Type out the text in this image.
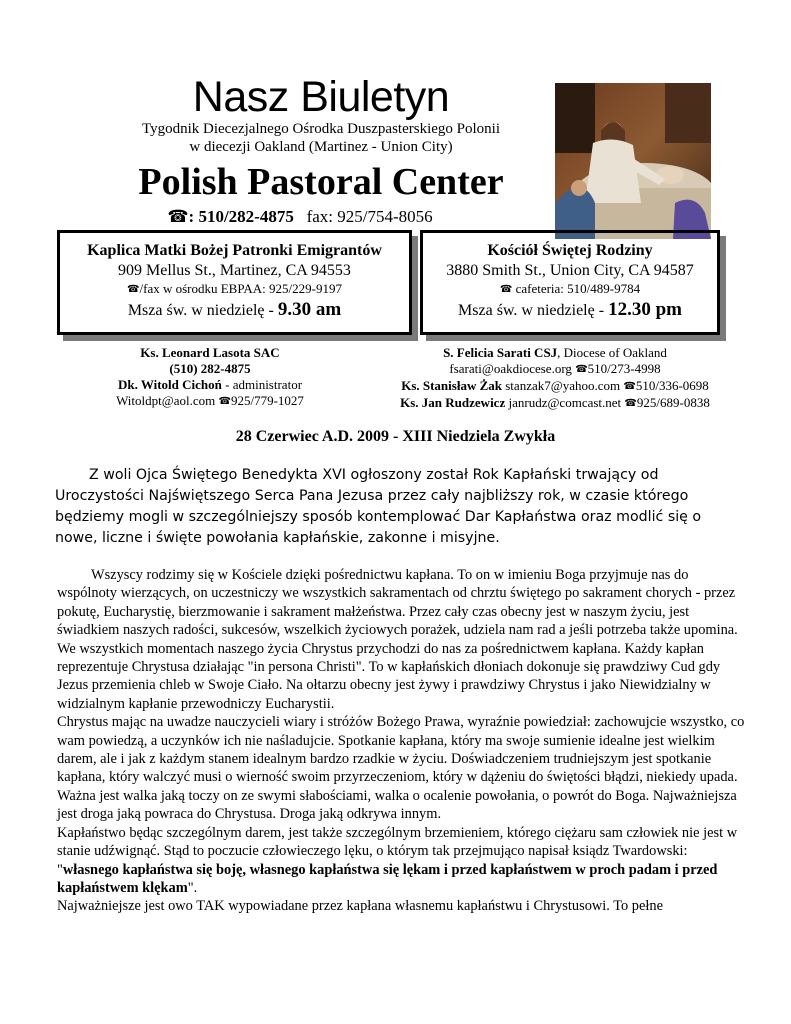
Nasz Biuletyn
Tygodnik Diecezjalnego Ośrodka Duszpasterskiego Polonii
w diecezji Oakland (Martinez - Union City)
Polish Pastoral Center
☎: 510/282-4875 fax: 925/754-8056
Kaplica Matki Bożej Patronki Emigrantów
909 Mellus St., Martinez, CA 94553
☎/fax w ośrodku EBPAA: 925/229-9197
Msza św. w niedzielę - 9.30 am
Kościół Świętej Rodziny
3880 Smith St., Union City, CA 94587
☎ cafeteria: 510/489-9784
Msza św. w niedzielę - 12.30 pm
Ks. Leonard Lasota SAC
(510) 282-4875
Dk. Witold Cichoń - administrator
Witoldpt@aol.com ☎925/779-1027
S. Felicia Sarati CSJ, Diocese of Oakland
fsarati@oakdiocese.org ☎510/273-4998
Ks. Stanisław Żak stanzak7@yahoo.com ☎510/336-0698
Ks. Jan Rudzewicz janrudz@comcast.net ☎925/689-0838
28 Czerwiec A.D. 2009 - XIII Niedziela Zwykła

Z woli Ojca Świętego Benedykta XVI ogłoszony został Rok Kapłański trwający od Uroczystości Najświętszego Serca Pana Jezusa przez cały najbliższy rok, w czasie którego będziemy mogli w szczególniejszy sposób kontemplować Dar Kapłaństwa oraz modlić się o nowe, liczne i święte powołania kapłańskie, zakonne i misyjne.

Wszyscy rodzimy się w Kościele dzięki pośrednictwu kapłana. To on w imieniu Boga przyjmuje nas do wspólnoty wierzących, on uczestniczy we wszystkich sakramentach od chrztu świętego po sakrament chorych - przez pokutę, Eucharystię, bierzmowanie i sakrament małżeństwa. Przez cały czas obecny jest w naszym życiu, jest świadkiem naszych radości, sukcesów, wszelkich życiowych porażek, udziela nam rad a jeśli potrzeba także upomina. We wszystkich momentach naszego życia Chrystus przychodzi do nas za pośrednictwem kapłana. Każdy kapłan reprezentuje Chrystusa działając "in persona Christi". To w kapłańskich dłoniach dokonuje się prawdziwy Cud gdy Jezus przemienia chleb w Swoje Ciało. Na ołtarzu obecny jest żywy i prawdziwy Chrystus i jako Niewidzialny w widzialnym kapłanie przewodniczy Eucharystii.

Chrystus mając na uwadze nauczycieli wiary i stróżów Bożego Prawa, wyraźnie powiedział: zachowujcie wszystko, co wam powiedzą, a uczynków ich nie naśladujcie. Spotkanie kapłana, który ma swoje sumienie idealne jest wielkim darem, ale i jak z każdym stanem idealnym bardzo rzadkie w życiu. Doświadczeniem trudniejszym jest spotkanie kapłana, który walczyć musi o wierność swoim przyrzeczeniom, który w dążeniu do świętości błądzi, niekiedy upada. Ważna jest walka jaką toczy on ze swymi słabościami, walka o ocalenie powołania, o powrót do Boga. Najważniejsza jest droga jaką powraca do Chrystusa. Droga jaką odkrywa innym.

Kapłaństwo będąc szczególnym darem, jest także szczególnym brzemieniem, którego ciężaru sam człowiek nie jest w stanie udźwignąć. Stąd to poczucie człowieczego lęku, o którym tak przejmująco napisał ksiądz Twardowski: "własnego kapłaństwa się boję, własnego kapłaństwa się lękam i przed kapłaństwem w proch padam i przed kapłaństwem klękam".

Najważniejsze jest owo TAK wypowiadane przez kapłana własnemu kapłaństwu i Chrystusowi. To pełne
